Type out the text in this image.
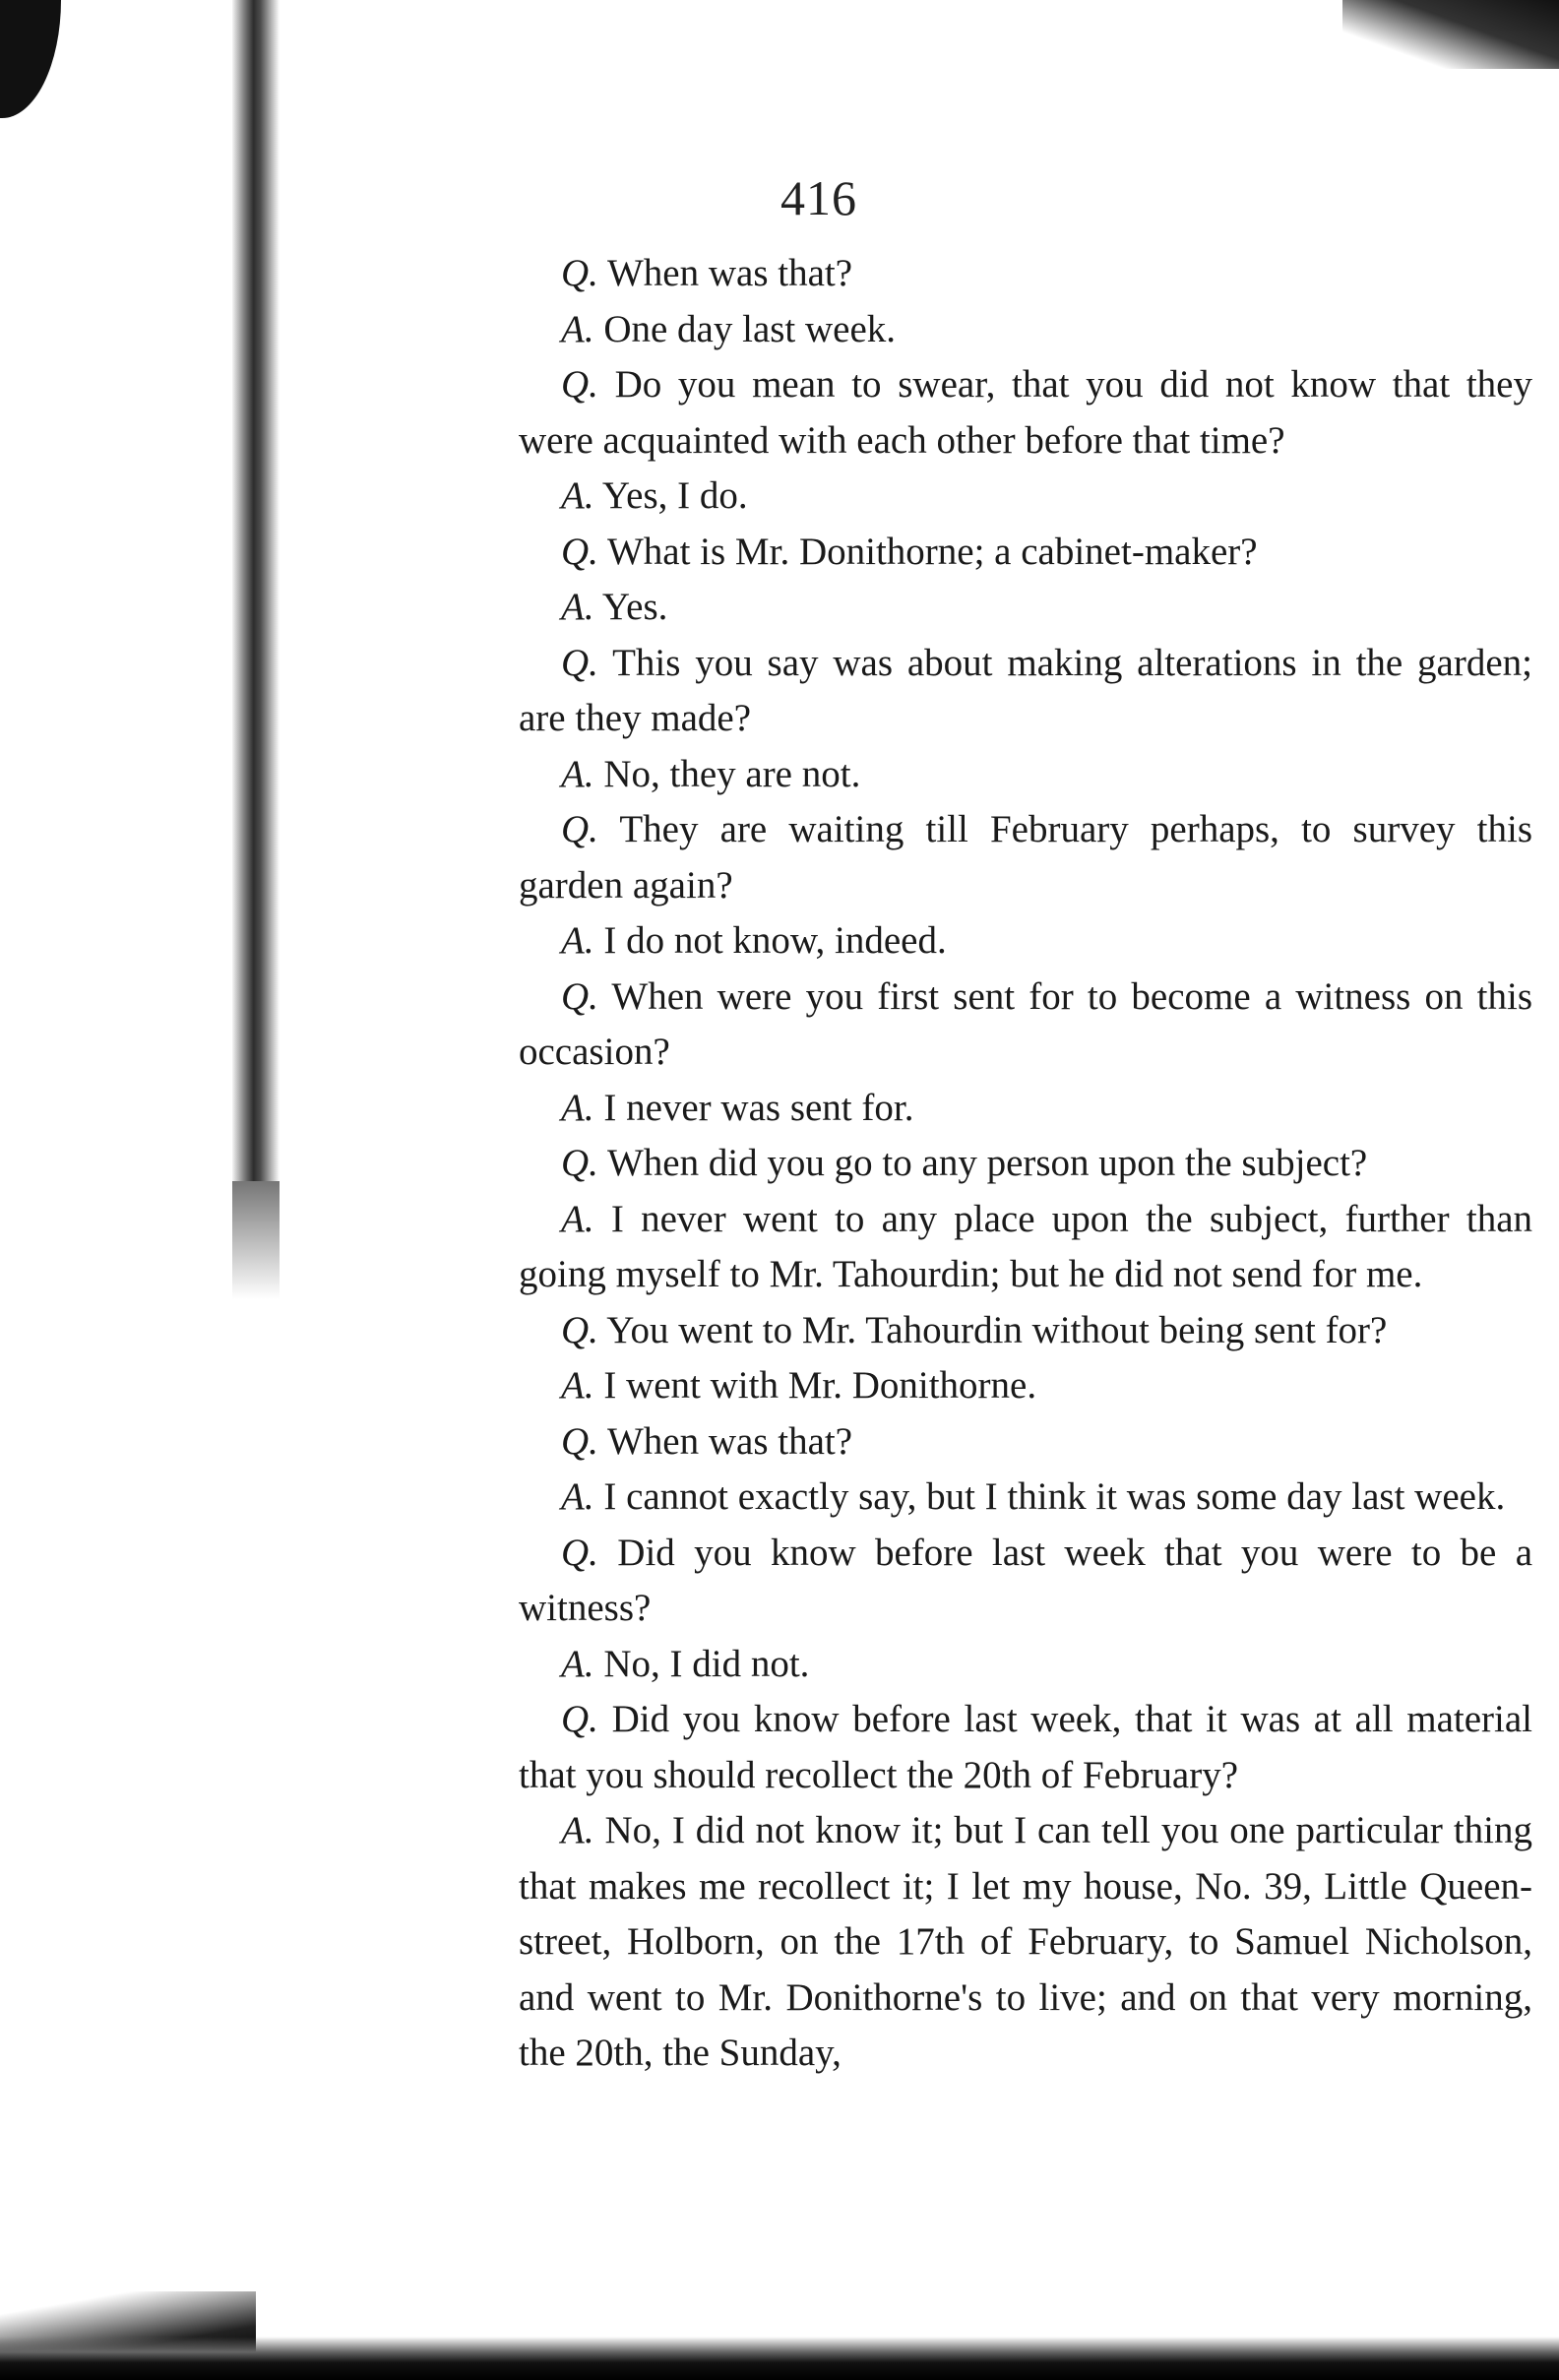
416

Q. When was that?

A. One day last week.

Q. Do you mean to swear, that you did not know that they were acquainted with each other before that time?

A. Yes, I do.

Q. What is Mr. Donithorne; a cabinet-maker?

A. Yes.

Q. This you say was about making alterations in the garden; are they made?

A. No, they are not.

Q. They are waiting till February perhaps, to survey this garden again?

A. I do not know, indeed.

Q. When were you first sent for to become a witness on this occasion?

A. I never was sent for.

Q. When did you go to any person upon the subject?

A. I never went to any place upon the subject, further than going myself to Mr. Tahourdin; but he did not send for me.

Q. You went to Mr. Tahourdin without being sent for?

A. I went with Mr. Donithorne.

Q. When was that?

A. I cannot exactly say, but I think it was some day last week.

Q. Did you know before last week that you were to be a witness?

A. No, I did not.

Q. Did you know before last week, that it was at all material that you should recollect the 20th of February?

A. No, I did not know it; but I can tell you one particular thing that makes me recollect it; I let my house, No. 39, Little Queen-street, Holborn, on the 17th of February, to Samuel Nicholson, and went to Mr. Donithorne's to live; and on that very morning, the 20th, the Sunday,
